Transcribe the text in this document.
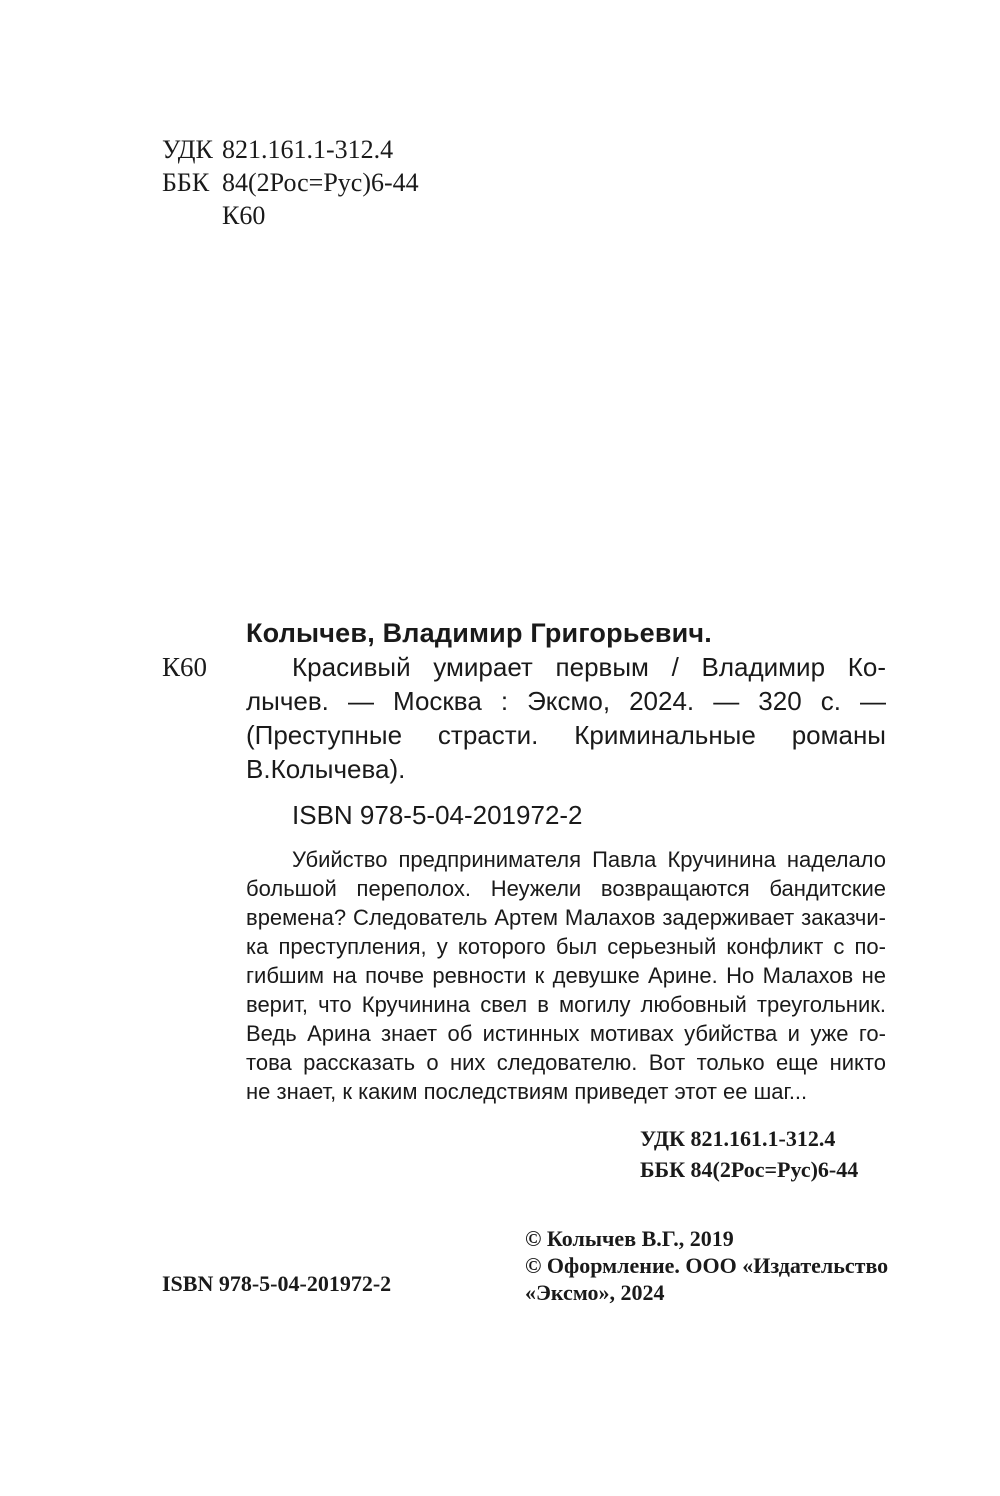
УДК 821.161.1-312.4
ББК 84(2Рос=Рус)6-44
К60
Колычев, Владимир Григорьевич.
К60	Красивый умирает первым / Владимир Ко-
лычев. — Москва : Эксмо, 2024. — 320 с. —
(Преступные страсти. Криминальные романы
В.Колычева).
ISBN 978-5-04-201972-2
Убийство предпринимателя Павла Кручинина наделало
большой переполох. Неужели возвращаются бандитские
времена? Следователь Артем Малахов задерживает заказчи-
ка преступления, у которого был серьезный конфликт с по-
гибшим на почве ревности к девушке Арине. Но Малахов не
верит, что Кручинина свел в могилу любовный треугольник.
Ведь Арина знает об истинных мотивах убийства и уже го-
това рассказать о них следователю. Вот только еще никто
не знает, к каким последствиям приведет этот ее шаг...
УДК 821.161.1-312.4
ББК 84(2Рос=Рус)6-44
© Колычев В.Г., 2019
© Оформление. ООО «Издательство
«Эксмо», 2024
ISBN 978-5-04-201972-2
